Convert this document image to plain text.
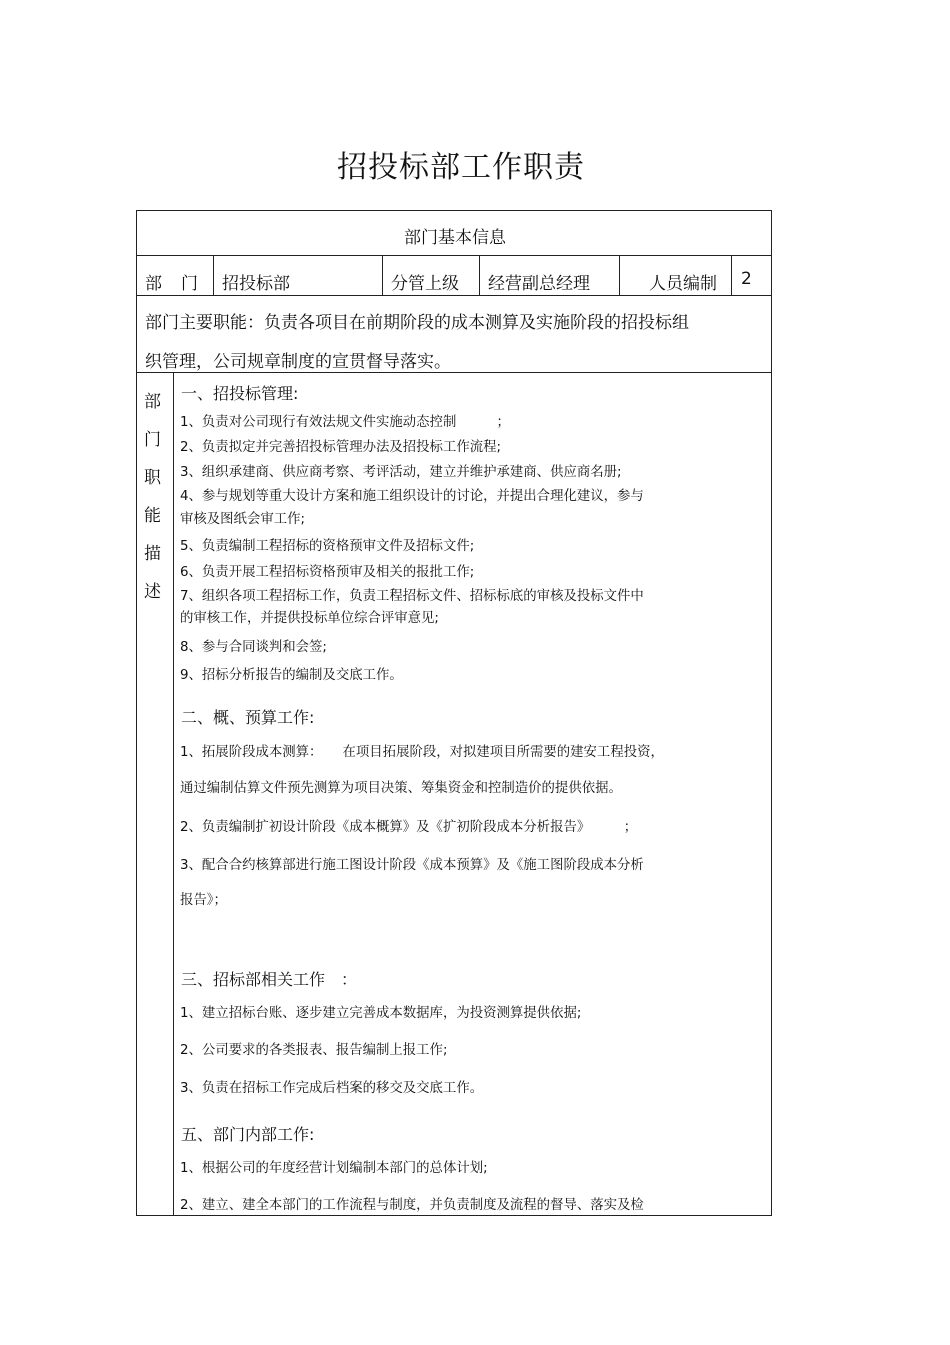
招投标部工作职责
部门基本信息
部　门 招投标部	分管上级 经营副总经理	人员编制 2
部门主要职能：负责各项目在前期阶段的成本测算及实施阶段的招投标组
织管理，公司规章制度的宣贯督导落实。
部
门
职
能
描
述
一、招投标管理:
1、负责对公司现行有效法规文件实施动态控制　　　；
2、负责拟定并完善招投标管理办法及招投标工作流程;
3、组织承建商、供应商考察、考评活动，建立并维护承建商、供应商名册;
4、参与规划等重大设计方案和施工组织设计的讨论，并提出合理化建议，参与
审核及图纸会审工作;
5、负责编制工程招标的资格预审文件及招标文件;
6、负责开展工程招标资格预审及相关的报批工作;
7、组织各项工程招标工作，负责工程招标文件、招标标底的审核及投标文件中
的审核工作，并提供投标单位综合评审意见;
8、参与合同谈判和会签;
9、招标分析报告的编制及交底工作。
二、概、预算工作:
1、拓展阶段成本测算：　　在项目拓展阶段，对拟建项目所需要的建安工程投资，
通过编制估算文件预先测算为项目决策、筹集资金和控制造价的提供依据。
2、负责编制扩初设计阶段《成本概算》及《扩初阶段成本分析报告》　　　；
3、配合合约核算部进行施工图设计阶段《成本预算》及《施工图阶段成本分析
报告》；
三、招标部相关工作　：
1、建立招标台账、逐步建立完善成本数据库，为投资测算提供依据;
2、公司要求的各类报表、报告编制上报工作;
3、负责在招标工作完成后档案的移交及交底工作。
五、部门内部工作:
1、根据公司的年度经营计划编制本部门的总体计划;
2、建立、建全本部门的工作流程与制度，并负责制度及流程的督导、落实及检
